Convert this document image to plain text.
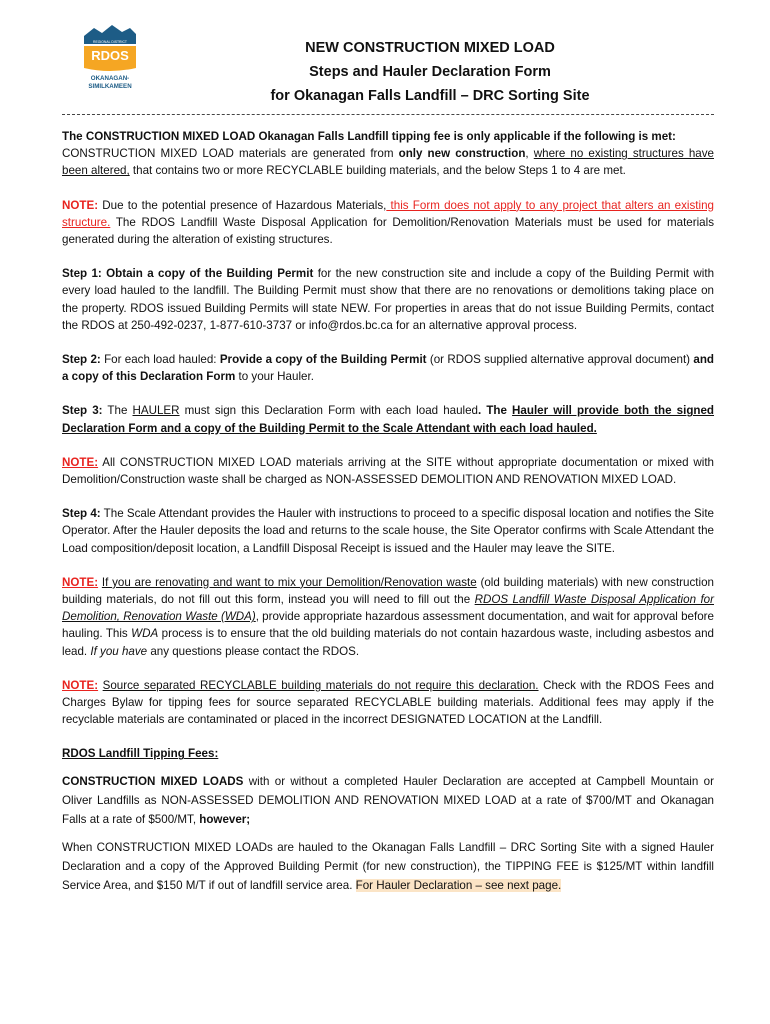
REGIONAL DISTRICT
RDOS
OKANAGAN-
SIMILKAMEEN
NEW CONSTRUCTION MIXED LOAD
Steps and Hauler Declaration Form
for Okanagan Falls Landfill – DRC Sorting Site

The CONSTRUCTION MIXED LOAD Okanagan Falls Landfill tipping fee is only applicable if the following is met:
CONSTRUCTION MIXED LOAD materials are generated from only new construction, where no existing structures have been altered, that contains two or more RECYCLABLE building materials, and the below Steps 1 to 4 are met.

NOTE: Due to the potential presence of Hazardous Materials, this Form does not apply to any project that alters an existing structure. The RDOS Landfill Waste Disposal Application for Demolition/Renovation Materials must be used for materials generated during the alteration of existing structures.

Step 1: Obtain a copy of the Building Permit for the new construction site and include a copy of the Building Permit with every load hauled to the landfill. The Building Permit must show that there are no renovations or demolitions taking place on the property. RDOS issued Building Permits will state NEW. For properties in areas that do not issue Building Permits, contact the RDOS at 250-492-0237, 1-877-610-3737 or info@rdos.bc.ca for an alternative approval process.

Step 2: For each load hauled: Provide a copy of the Building Permit (or RDOS supplied alternative approval document) and a copy of this Declaration Form to your Hauler.

Step 3: The HAULER must sign this Declaration Form with each load hauled. The Hauler will provide both the signed Declaration Form and a copy of the Building Permit to the Scale Attendant with each load hauled.

NOTE: All CONSTRUCTION MIXED LOAD materials arriving at the SITE without appropriate documentation or mixed with Demolition/Construction waste shall be charged as NON-ASSESSED DEMOLITION AND RENOVATION MIXED LOAD.

Step 4: The Scale Attendant provides the Hauler with instructions to proceed to a specific disposal location and notifies the Site Operator. After the Hauler deposits the load and returns to the scale house, the Site Operator confirms with Scale Attendant the Load composition/deposit location, a Landfill Disposal Receipt is issued and the Hauler may leave the SITE.

NOTE: If you are renovating and want to mix your Demolition/Renovation waste (old building materials) with new construction building materials, do not fill out this form, instead you will need to fill out the RDOS Landfill Waste Disposal Application for Demolition, Renovation Waste (WDA), provide appropriate hazardous assessment documentation, and wait for approval before hauling. This WDA process is to ensure that the old building materials do not contain hazardous waste, including asbestos and lead. If you have any questions please contact the RDOS.

NOTE: Source separated RECYCLABLE building materials do not require this declaration. Check with the RDOS Fees and Charges Bylaw for tipping fees for source separated RECYCLABLE building materials. Additional fees may apply if the recyclable materials are contaminated or placed in the incorrect DESIGNATED LOCATION at the Landfill.

RDOS Landfill Tipping Fees:

CONSTRUCTION MIXED LOADS with or without a completed Hauler Declaration are accepted at Campbell Mountain or Oliver Landfills as NON-ASSESSED DEMOLITION AND RENOVATION MIXED LOAD at a rate of $700/MT and Okanagan Falls at a rate of $500/MT, however;

When CONSTRUCTION MIXED LOADs are hauled to the Okanagan Falls Landfill – DRC Sorting Site with a signed Hauler Declaration and a copy of the Approved Building Permit (for new construction), the TIPPING FEE is $125/MT within landfill Service Area, and $150 M/T if out of landfill service area. For Hauler Declaration – see next page.
